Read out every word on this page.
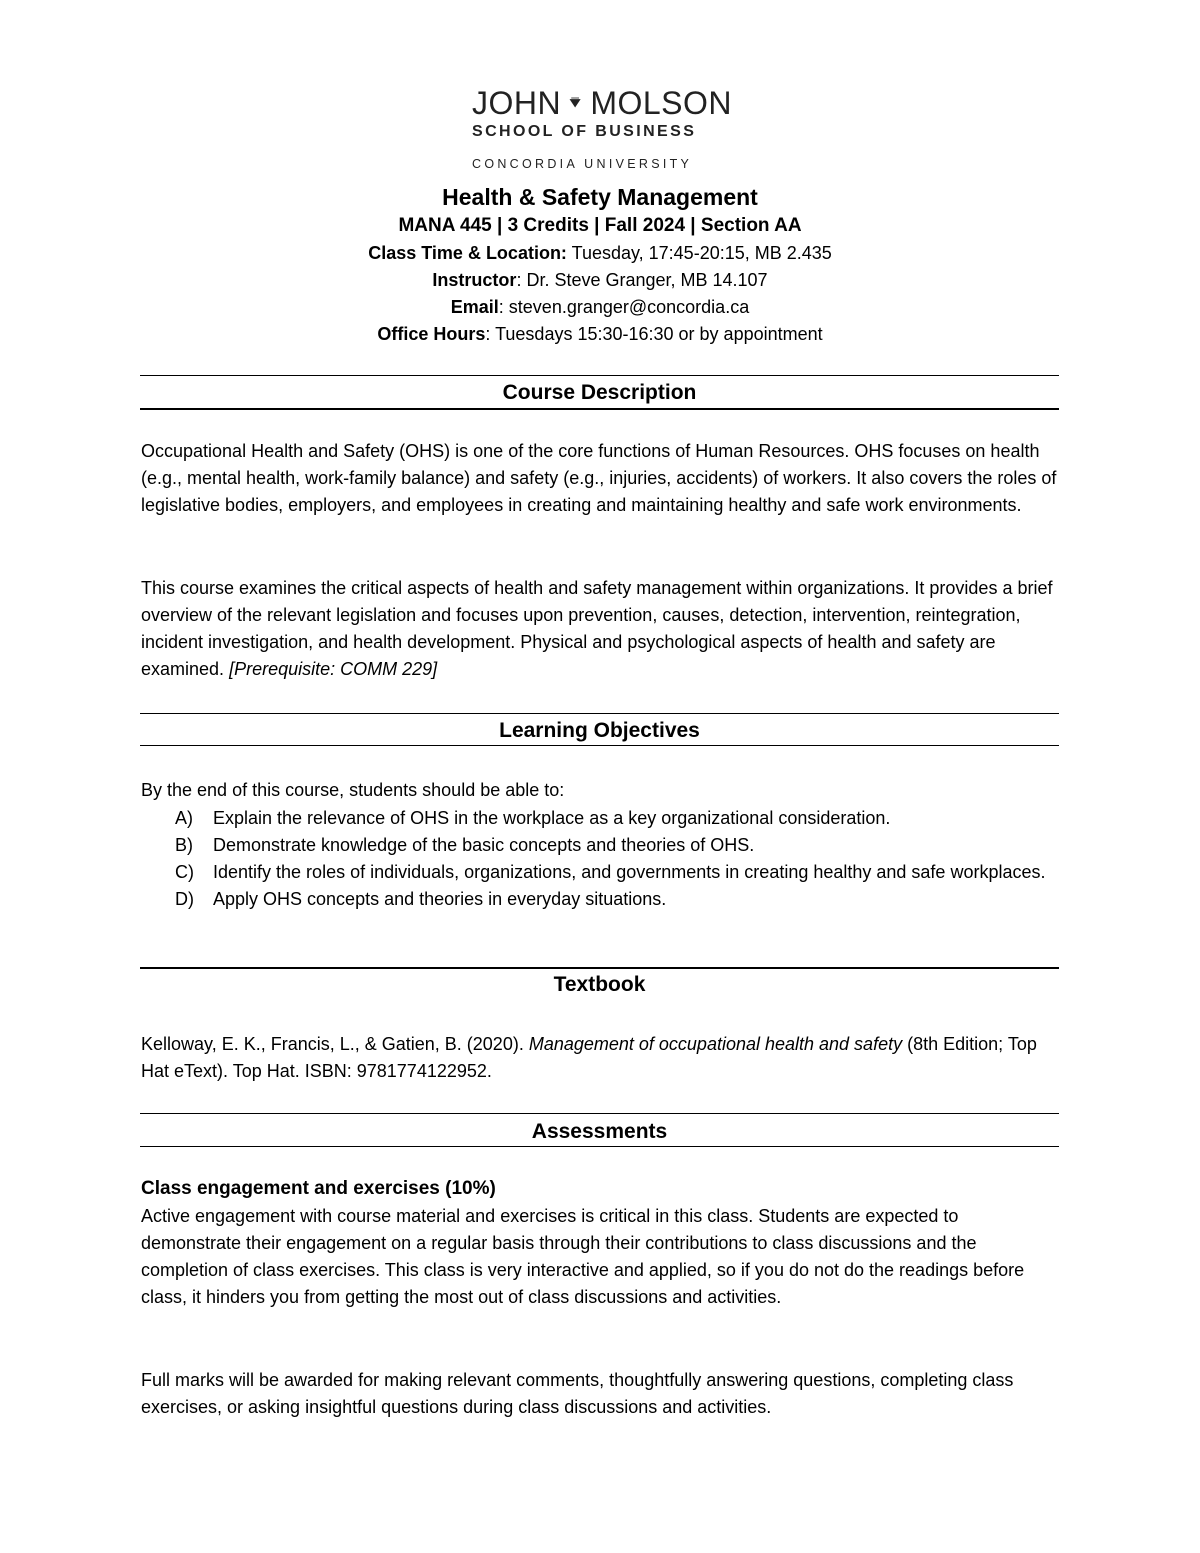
JOHN MOLSON
SCHOOL OF BUSINESS
CONCORDIA UNIVERSITY
Health & Safety Management
MANA 445 | 3 Credits | Fall 2024 | Section AA
Class Time & Location: Tuesday, 17:45-20:15, MB 2.435
Instructor: Dr. Steve Granger, MB 14.107
Email: steven.granger@concordia.ca
Office Hours: Tuesdays 15:30-16:30 or by appointment
Course Description

Occupational Health and Safety (OHS) is one of the core functions of Human Resources. OHS focuses on health (e.g., mental health, work-family balance) and safety (e.g., injuries, accidents) of workers. It also covers the roles of legislative bodies, employers, and employees in creating and maintaining healthy and safe work environments.

This course examines the critical aspects of health and safety management within organizations. It provides a brief overview of the relevant legislation and focuses upon prevention, causes, detection, intervention, reintegration, incident investigation, and health development. Physical and psychological aspects of health and safety are examined. [Prerequisite: COMM 229]

Learning Objectives

By the end of this course, students should be able to:

A)	Explain the relevance of OHS in the workplace as a key organizational consideration.
B)	Demonstrate knowledge of the basic concepts and theories of OHS.
C)	Identify the roles of individuals, organizations, and governments in creating healthy and safe workplaces.
D)	Apply OHS concepts and theories in everyday situations.
Textbook

Kelloway, E. K., Francis, L., & Gatien, B. (2020). Management of occupational health and safety (8th Edition; Top Hat eText). Top Hat. ISBN: 9781774122952.

Assessments
Class engagement and exercises (10%)

Active engagement with course material and exercises is critical in this class. Students are expected to demonstrate their engagement on a regular basis through their contributions to class discussions and the completion of class exercises. This class is very interactive and applied, so if you do not do the readings before class, it hinders you from getting the most out of class discussions and activities.

Full marks will be awarded for making relevant comments, thoughtfully answering questions, completing class exercises, or asking insightful questions during class discussions and activities.
